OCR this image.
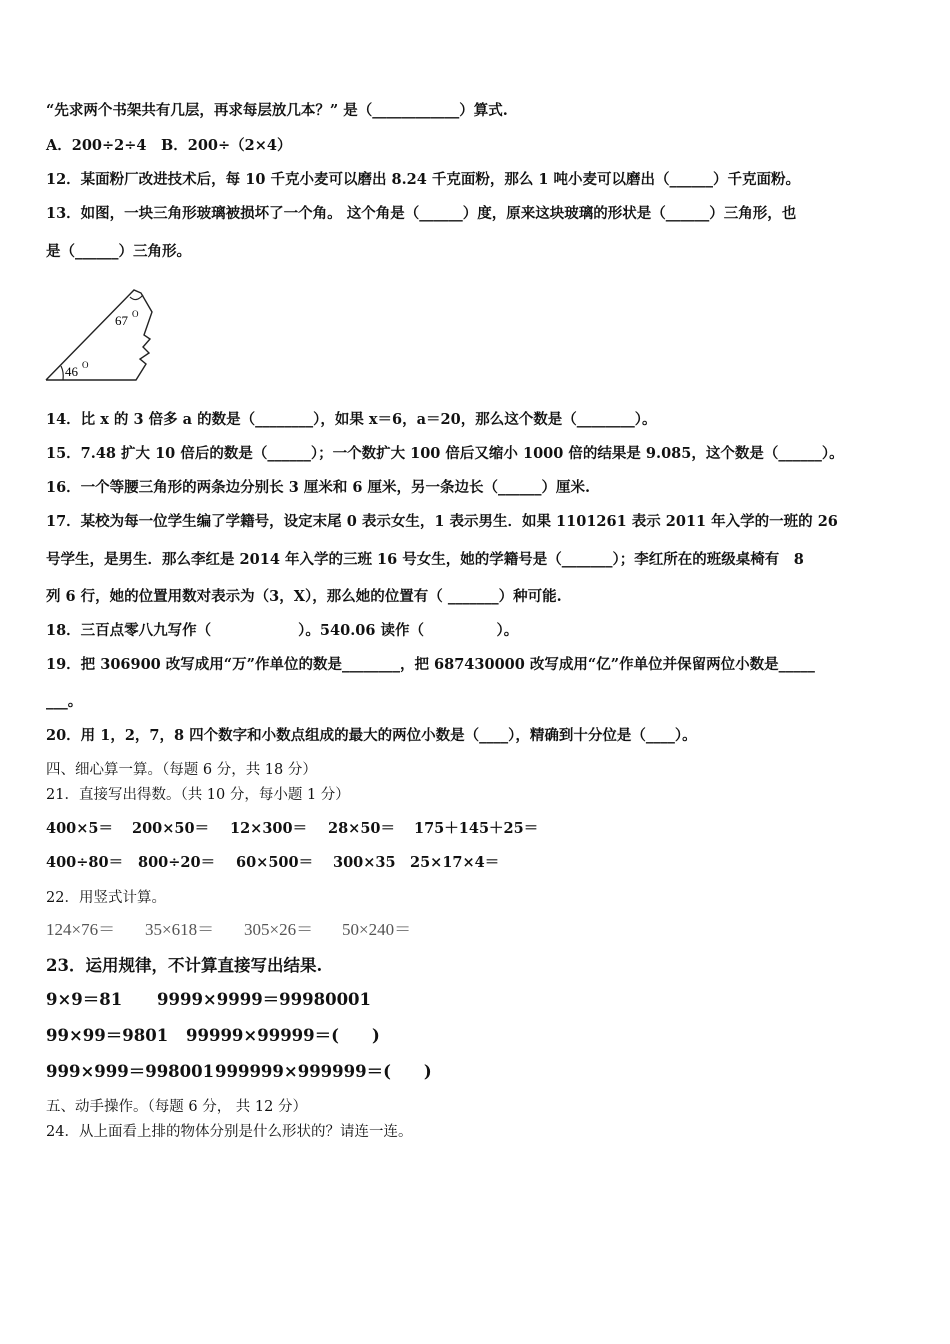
“先求两个书架共有几层，再求每层放几本？” 是（____________）算式.
A．200÷2÷4　B．200÷（2×4）
12．某面粉厂改进技术后，每 10 千克小麦可以磨出 8.24 千克面粉，那么 1 吨小麦可以磨出（______）千克面粉。
13．如图，一块三角形玻璃被损坏了一个角。 这个角是（______）度，原来这块玻璃的形状是（______）三角形，也
是（______）三角形。
67 O
46 O
14．比 x 的 3 倍多 a 的数是（________），如果 x＝6，a＝20，那么这个数是（________）。
15．7.48 扩大 10 倍后的数是（______）；一个数扩大 100 倍后又缩小 1000 倍的结果是 9.085，这个数是（______）。
16．一个等腰三角形的两条边分别长 3 厘米和 6 厘米，另一条边长（______）厘米.
17．某校为每一位学生编了学籍号，设定末尾 0 表示女生，1 表示男生．如果 1101261 表示 2011 年入学的一班的 26
号学生，是男生．那么李红是 2014 年入学的三班 16 号女生，她的学籍号是（_______）；李红所在的班级桌椅有　8
列 6 行，她的位置用数对表示为（3，X），那么她的位置有（ _______）种可能.
18．三百点零八九写作（　　　　　　）。540.06 读作（　　　　　）。
19．把 306900 改写成用“万”作单位的数是________，把 687430000 改写成用“亿”作单位并保留两位小数是_____
___。
20．用 1，2，7，8 四个数字和小数点组成的最大的两位小数是（____），精确到十分位是（____）。
四、细心算一算。（每题 6 分，共 18 分）
21．直接写出得数。（共 10 分，每小题 1 分）
400×5＝ 200×50＝ 12×300＝ 28×50＝ 175＋145＋25＝
400÷80＝ 800÷20＝ 60×500＝ 300×35 25×17×4＝
22．用竖式计算。
124×76＝ 35×618＝ 305×26＝ 50×240＝
23．运用规律，不计算直接写出结果.
9×9＝81 9999×9999＝99980001
99×99＝9801 99999×99999＝(　　)
999×999＝998001999999×999999＝(　　)
五、动手操作。（每题 6 分， 共 12 分）
24．从上面看上排的物体分别是什么形状的？请连一连。
